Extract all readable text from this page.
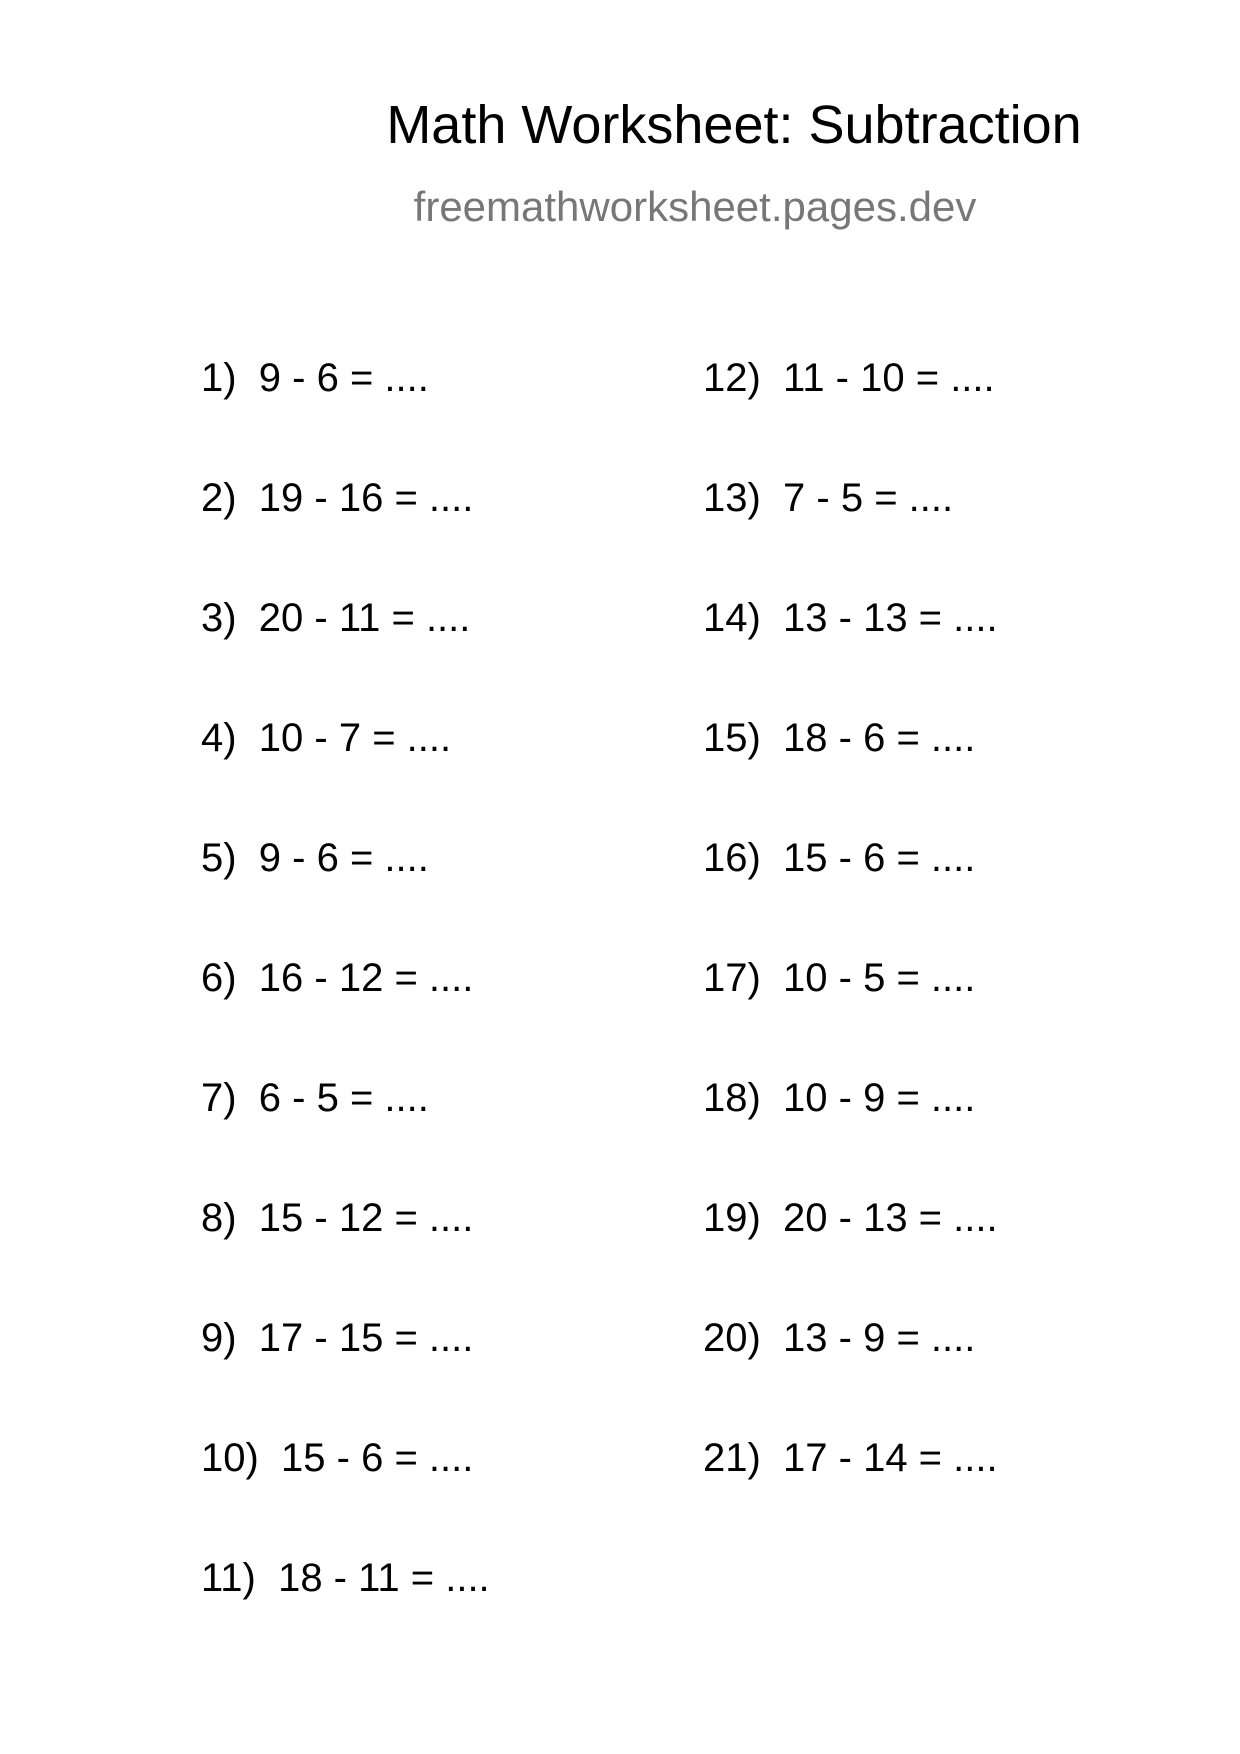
Math Worksheet: Subtraction
freemathworksheet.pages.dev
1)  9 - 6 = ....
2)  19 - 16 = ....
3)  20 - 11 = ....
4)  10 - 7 = ....
5)  9 - 6 = ....
6)  16 - 12 = ....
7)  6 - 5 = ....
8)  15 - 12 = ....
9)  17 - 15 = ....
10)  15 - 6 = ....
11)  18 - 11 = ....
12)  11 - 10 = ....
13)  7 - 5 = ....
14)  13 - 13 = ....
15)  18 - 6 = ....
16)  15 - 6 = ....
17)  10 - 5 = ....
18)  10 - 9 = ....
19)  20 - 13 = ....
20)  13 - 9 = ....
21)  17 - 14 = ....
